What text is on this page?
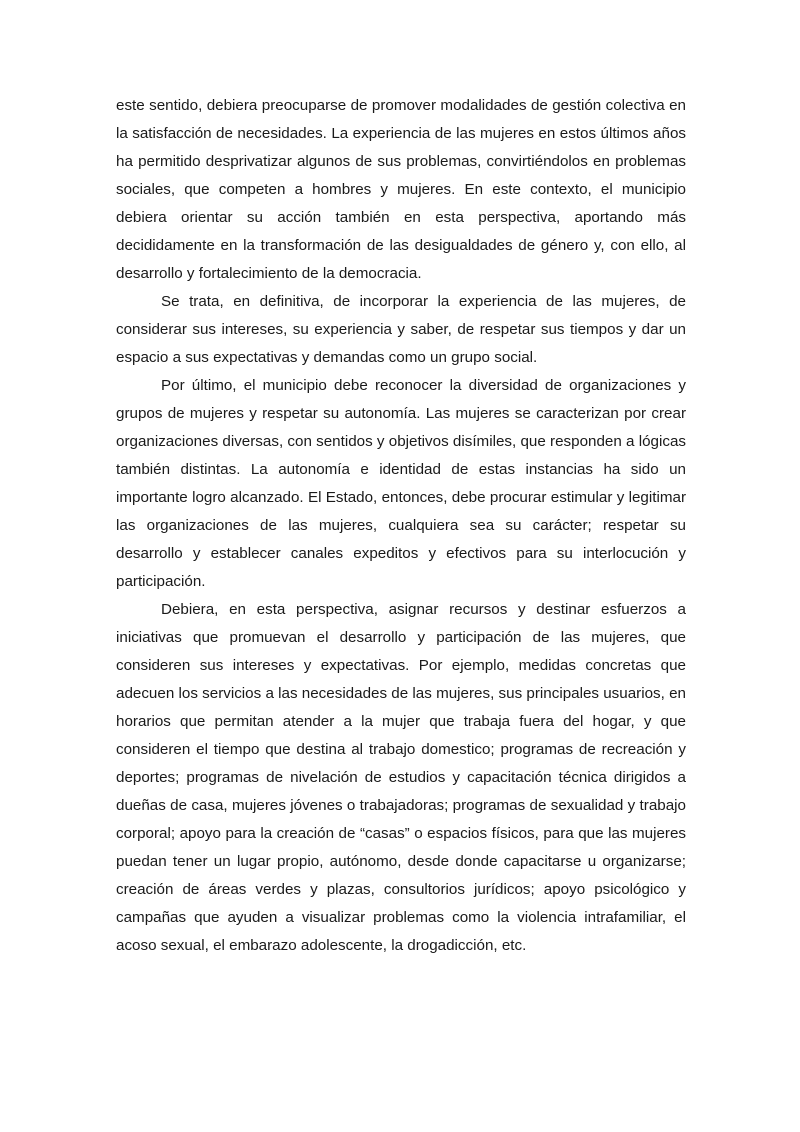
este sentido, debiera preocuparse de promover modalidades de gestión colectiva en la satisfacción de necesidades. La experiencia de las mujeres en estos últimos años ha permitido desprivatizar algunos de sus problemas, convirtiéndolos en problemas sociales, que competen a hombres y mujeres. En este contexto, el municipio debiera orientar su acción también en esta perspectiva, aportando más decididamente en la transformación de las desigualdades de género y, con ello, al desarrollo y fortalecimiento de la democracia.

Se trata, en definitiva, de incorporar la experiencia de las mujeres, de considerar sus intereses, su experiencia y saber, de respetar sus tiempos y dar un espacio a sus expectativas y demandas como un grupo social.

Por último, el municipio debe reconocer la diversidad de organizaciones y grupos de mujeres y respetar su autonomía. Las mujeres se caracterizan por crear organizaciones diversas, con sentidos y objetivos disímiles, que responden a lógicas también distintas. La autonomía e identidad de estas instancias ha sido un importante logro alcanzado. El Estado, entonces, debe procurar estimular y legitimar las organizaciones de las mujeres, cualquiera sea su carácter; respetar su desarrollo y establecer canales expeditos y efectivos para su interlocución y participación.

Debiera, en esta perspectiva, asignar recursos y destinar esfuerzos a iniciativas que promuevan el desarrollo y participación de las mujeres, que consideren sus intereses y expectativas. Por ejemplo, medidas concretas que adecuen los servicios a las necesidades de las mujeres, sus principales usuarios, en horarios que permitan atender a la mujer que trabaja fuera del hogar, y que consideren el tiempo que destina al trabajo domestico; programas de recreación y deportes; programas de nivelación de estudios y capacitación técnica dirigidos a dueñas de casa, mujeres jóvenes o trabajadoras; programas de sexualidad y trabajo corporal; apoyo para la creación de “casas” o espacios físicos, para que las mujeres puedan tener un lugar propio, autónomo, desde donde capacitarse u organizarse; creación de áreas verdes y plazas, consultorios jurídicos; apoyo psicológico y campañas que ayuden a visualizar problemas como la violencia intrafamiliar, el acoso sexual, el embarazo adolescente, la drogadicción, etc.
